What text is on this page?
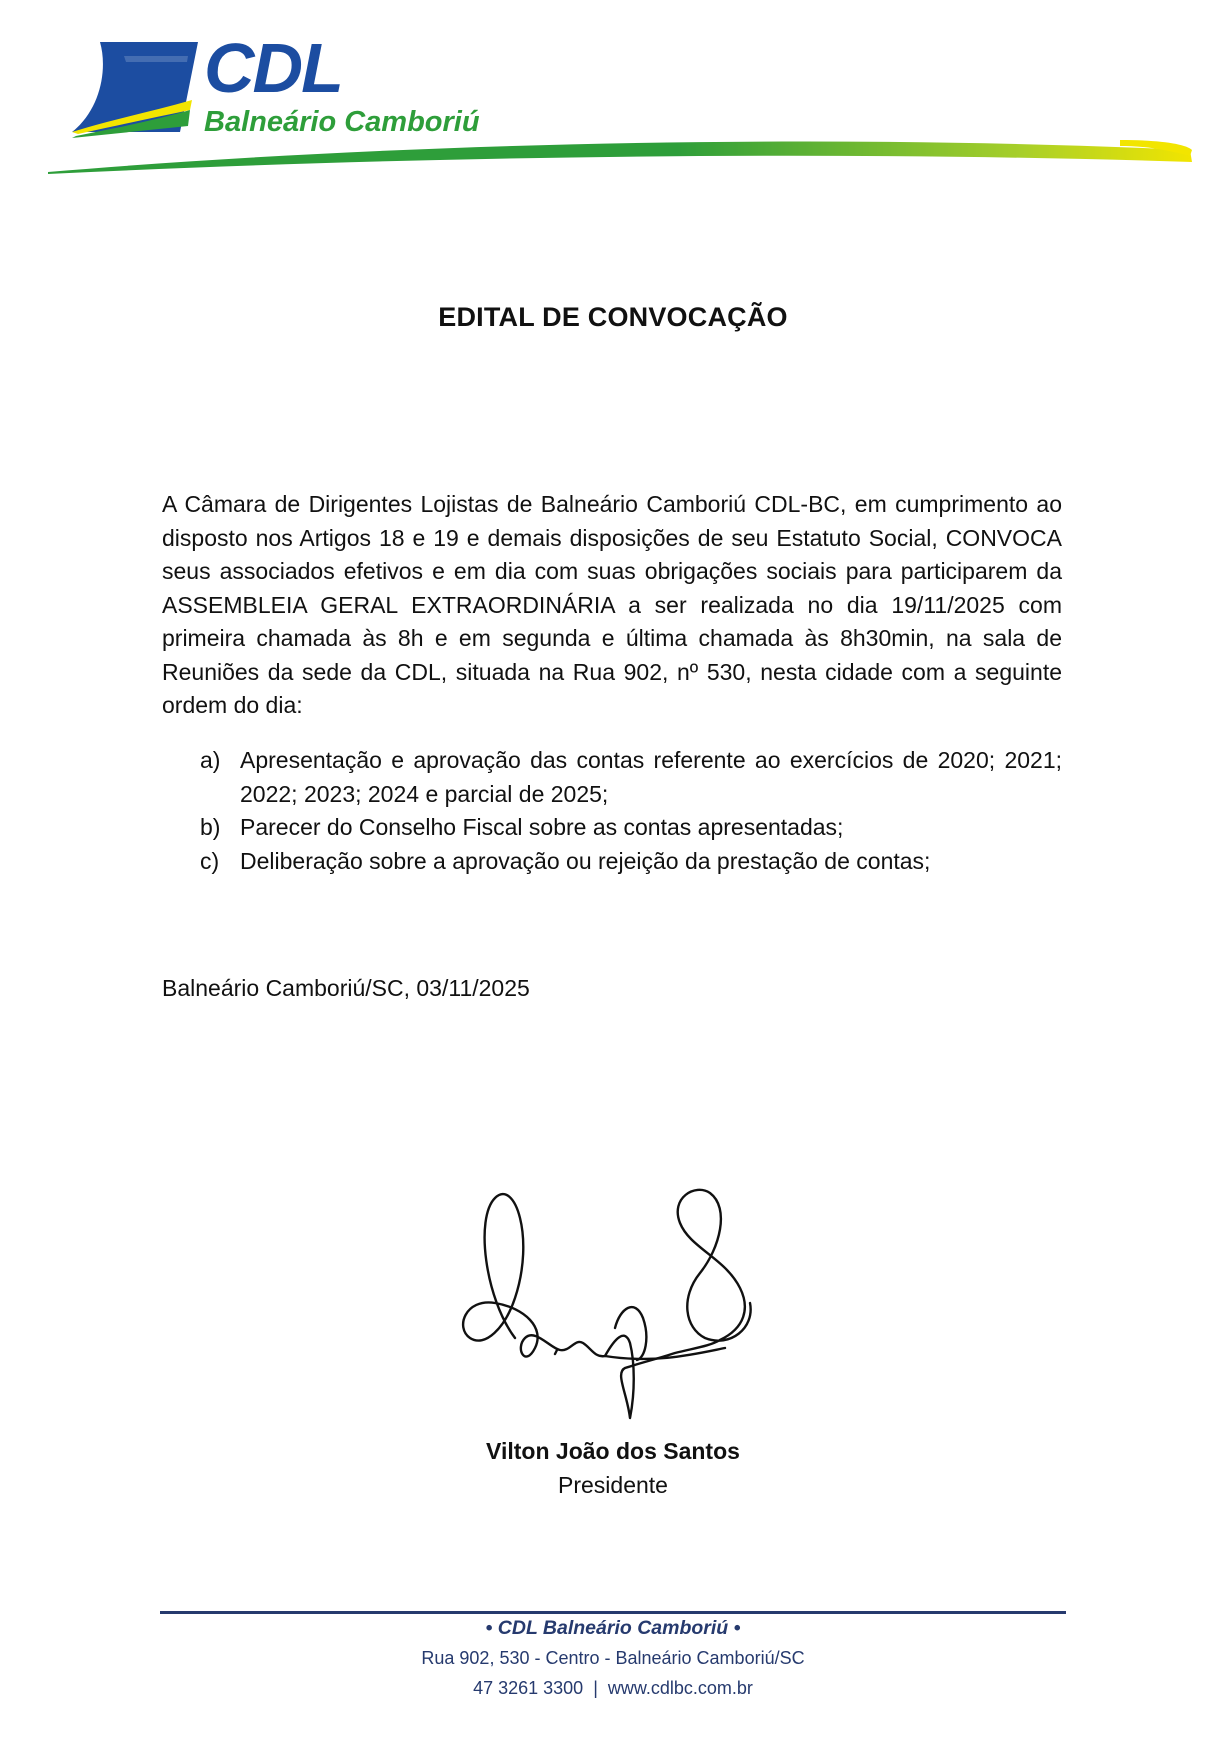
CDL
Balneário Camboriú
EDITAL DE CONVOCAÇÃO
A Câmara de Dirigentes Lojistas de Balneário Camboriú CDL-BC, em cumprimento ao disposto nos Artigos 18 e 19 e demais disposições de seu Estatuto Social, CONVOCA seus associados efetivos e em dia com suas obrigações sociais para participarem da ASSEMBLEIA GERAL EXTRAORDINÁRIA a ser realizada no dia 19/11/2025 com primeira chamada às 8h e em segunda e última chamada às 8h30min, na sala de Reuniões da sede da CDL, situada na Rua 902, nº 530, nesta cidade com a seguinte ordem do dia:
a) Apresentação e aprovação das contas referente ao exercícios de 2020; 2021; 2022; 2023; 2024 e parcial de 2025;
b) Parecer do Conselho Fiscal sobre as contas apresentadas;
c) Deliberação sobre a aprovação ou rejeição da prestação de contas;
Balneário Camboriú/SC, 03/11/2025
Vilton João dos Santos
Presidente
• CDL Balneário Camboriú •
Rua 902, 530 - Centro - Balneário Camboriú/SC
47 3261 3300  |  www.cdlbc.com.br
